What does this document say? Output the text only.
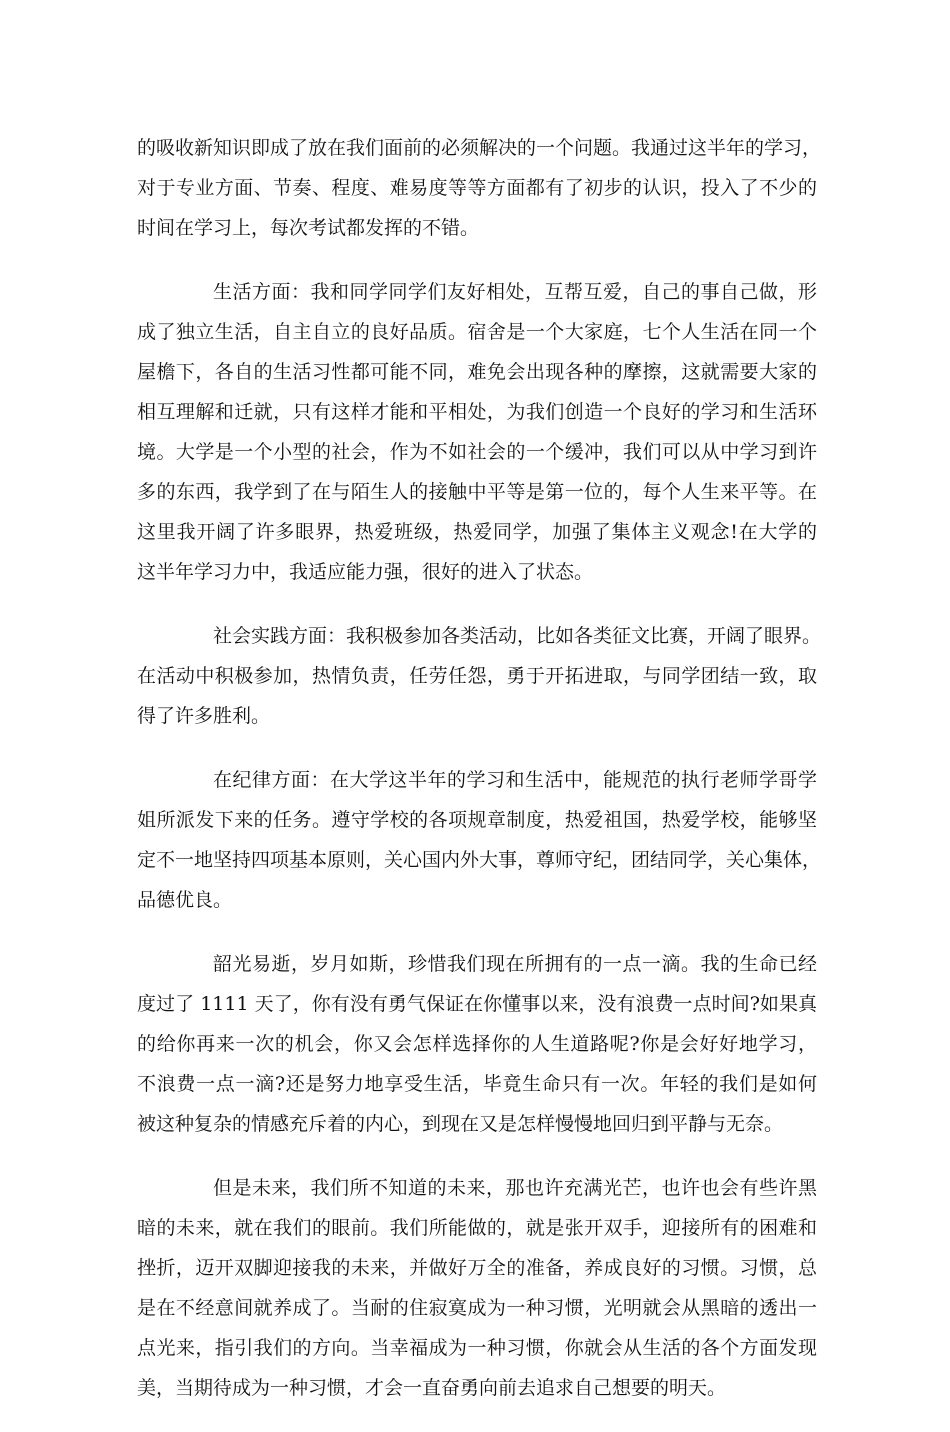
的吸收新知识即成了放在我们面前的必须解决的一个问题。我通过这半年的学习，
对于专业方面、节奏、程度、难易度等等方面都有了初步的认识，投入了不少的
时间在学习上，每次考试都发挥的不错。

生活方面：我和同学同学们友好相处，互帮互爱，自己的事自己做，形
成了独立生活，自主自立的良好品质。宿舍是一个大家庭，七个人生活在同一个
屋檐下，各自的生活习性都可能不同，难免会出现各种的摩擦，这就需要大家的
相互理解和迁就，只有这样才能和平相处，为我们创造一个良好的学习和生活环
境。大学是一个小型的社会，作为不如社会的一个缓冲，我们可以从中学习到许
多的东西，我学到了在与陌生人的接触中平等是第一位的，每个人生来平等。在
这里我开阔了许多眼界，热爱班级，热爱同学，加强了集体主义观念!在大学的
这半年学习力中，我适应能力强，很好的进入了状态。

社会实践方面：我积极参加各类活动，比如各类征文比赛，开阔了眼界。
在活动中积极参加，热情负责，任劳任怨，勇于开拓进取，与同学团结一致，取
得了许多胜利。

在纪律方面：在大学这半年的学习和生活中，能规范的执行老师学哥学
姐所派发下来的任务。遵守学校的各项规章制度，热爱祖国，热爱学校，能够坚
定不一地坚持四项基本原则，关心国内外大事，尊师守纪，团结同学，关心集体，
品德优良。

韶光易逝，岁月如斯，珍惜我们现在所拥有的一点一滴。我的生命已经
度过了 1111 天了，你有没有勇气保证在你懂事以来，没有浪费一点时间?如果真
的给你再来一次的机会，你又会怎样选择你的人生道路呢?你是会好好地学习，
不浪费一点一滴?还是努力地享受生活，毕竟生命只有一次。年轻的我们是如何
被这种复杂的情感充斥着的内心，到现在又是怎样慢慢地回归到平静与无奈。

但是未来，我们所不知道的未来，那也许充满光芒，也许也会有些许黑
暗的未来，就在我们的眼前。我们所能做的，就是张开双手，迎接所有的困难和
挫折，迈开双脚迎接我的未来，并做好万全的准备，养成良好的习惯。习惯，总
是在不经意间就养成了。当耐的住寂寞成为一种习惯，光明就会从黑暗的透出一
点光来，指引我们的方向。当幸福成为一种习惯，你就会从生活的各个方面发现
美，当期待成为一种习惯，才会一直奋勇向前去追求自己想要的明天。
